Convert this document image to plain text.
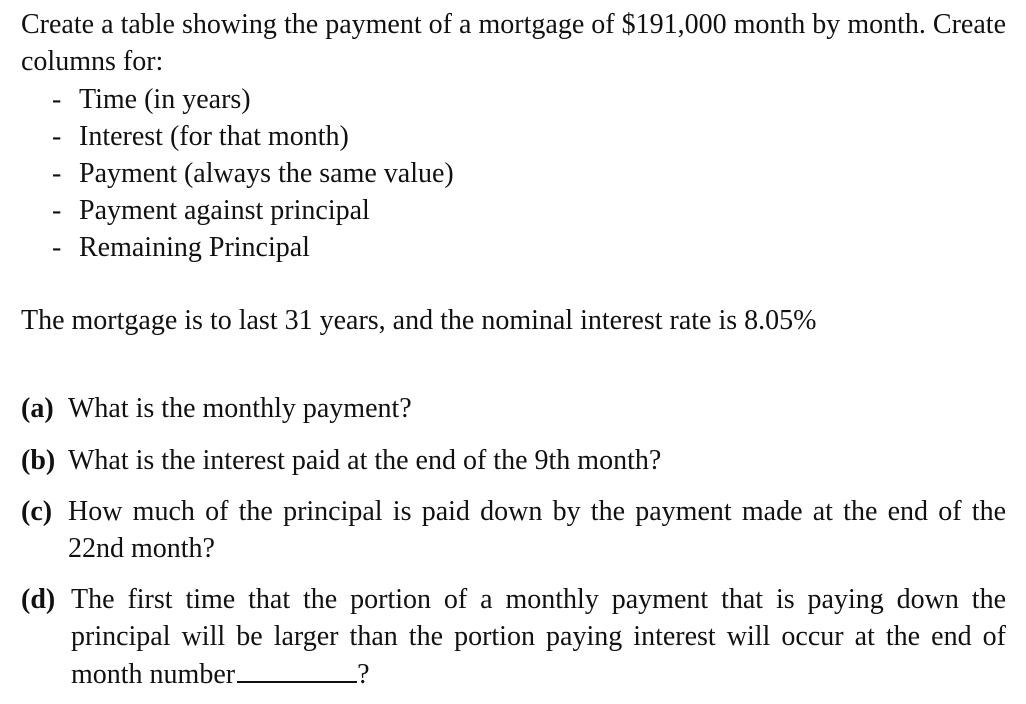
Create a table showing the payment of a mortgage of $191,000 month by month. Create columns for:
- Time (in years)
- Interest (for that month)
- Payment (always the same value)
- Payment against principal
- Remaining Principal
The mortgage is to last 31 years, and the nominal interest rate is 8.05%
(a) What is the monthly payment?
(b) What is the interest paid at the end of the 9th month?
(c) How much of the principal is paid down by the payment made at the end of the 22nd month?
(d) The first time that the portion of a monthly payment that is paying down the principal will be larger than the portion paying interest will occur at the end of month number	?
